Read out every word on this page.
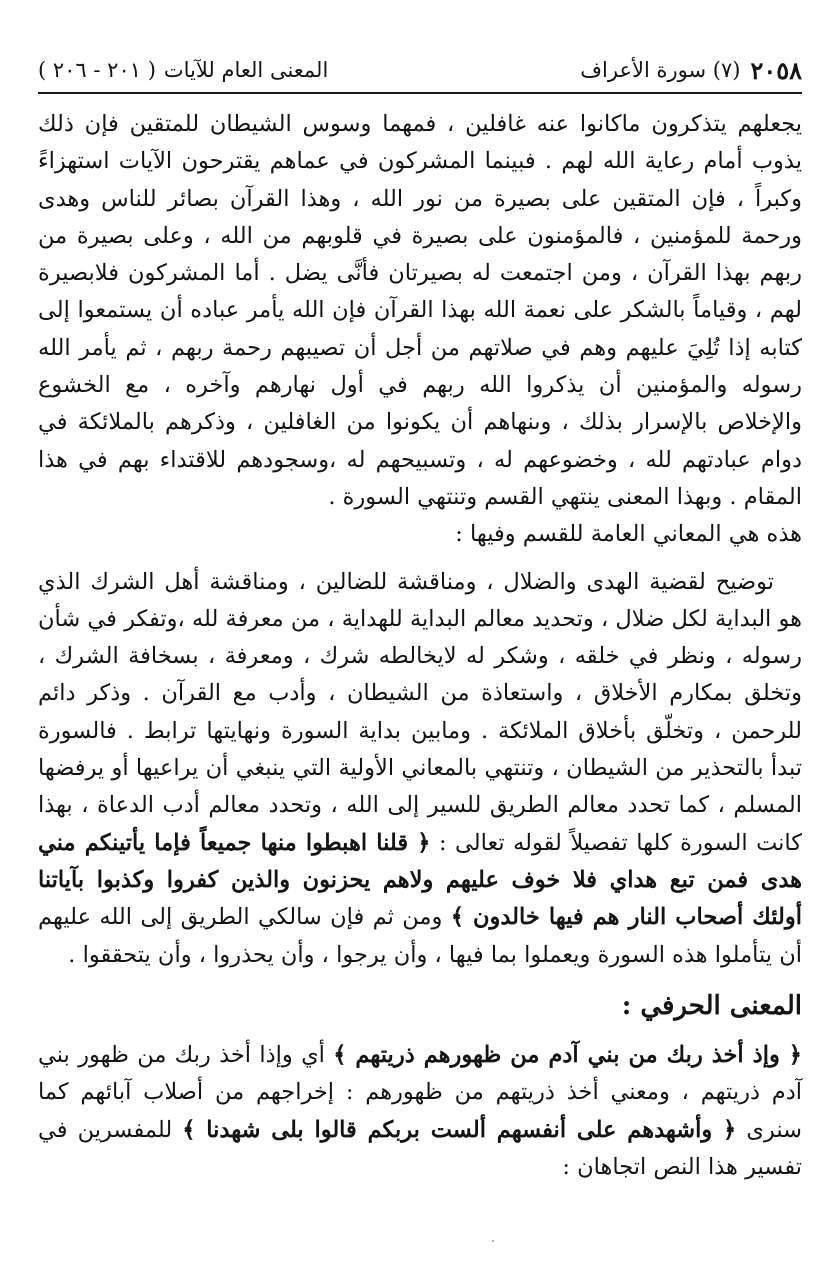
٢٠٥٨
(٧) سورة الأعراف
المعنى العام للآيات
( ٢٠١ - ٢٠٦ )

يجعلهم يتذكرون ماكانوا عنه غافلين ، فمهما وسوس الشيطان للمتقين فإن ذلك يذوب أمام رعاية الله لهم . فبينما المشركون في عماهم يقترحون الآيات استهزاءً وكبراً ، فإن المتقين على بصيرة من نور الله ، وهذا القرآن بصائر للناس وهدى ورحمة للمؤمنين ، فالمؤمنون على بصيرة في قلوبهم من الله ، وعلى بصيرة من ربهم بهذا القرآن ، ومن اجتمعت له بصيرتان فأنَّى يضل . أما المشركون فلابصيرة لهم ، وقياماً بالشكر على نعمة الله بهذا القرآن فإن الله يأمر عباده أن يستمعوا إلى كتابه إذا تُلِيَ عليهم وهم في صلاتهم من أجل أن تصيبهم رحمة ربهم ، ثم يأمر الله رسوله والمؤمنين أن يذكروا الله ربهم في أول نهارهم وآخره ، مع الخشوع والإخلاص بالإسرار بذلك ، وىنهاهم أن يكونوا من الغافلين ، وذكرهم بالملائكة في دوام عبادتهم لله ، وخضوعهم له ، وتسبيحهم له ،وسجودهم للاقتداء بهم في هذا المقام . وبهذا المعنى ينتهي القسم وتنتهي السورة .

هذه هي المعاني العامة للقسم وفيها :

توضيح لقضية الهدى والضلال ، ومناقشة للضالين ، ومناقشة أهل الشرك الذي هو البداية لكل ضلال ، وتحديد معالم البداية للهداية ، من معرفة لله ،وتفكر في شأن رسوله ، ونظر في خلقه ، وشكر له لايخالطه شرك ، ومعرفة ، بسخافة الشرك ، وتخلق بمكارم الأخلاق ، واستعاذة من الشيطان ، وأدب مع القرآن . وذكر دائم للرحمن ، وتخلّق بأخلاق الملائكة . ومابين بداية السورة ونهايتها ترابط . فالسورة تبدأ بالتحذير من الشيطان ، وتنتهي بالمعاني الأولية التي ينبغي أن يراعيها أو يرفضها المسلم ، كما تحدد معالم الطريق للسير إلى الله ، وتحدد معالم أدب الدعاة ، بهذا كانت السورة كلها تفصيلاً لقوله تعالى : ﴿ قلنا اهبطوا منها جميعاً فإما يأتينكم مني هدى فمن تبع هداي فلا خوف عليهم ولاهم يحزنون والذين كفروا وكذبوا بآياتنا أولئك أصحاب النار هم فيها خالدون ﴾ ومن ثم فإن سالكي الطريق إلى الله عليهم أن يتأملوا هذه السورة ويعملوا بما فيها ، وأن يرجوا ، وأن يحذروا ، وأن يتحققوا .

المعنى الحرفي :

﴿ وإذ أخذ ربك من بني آدم من ظهورهم ذريتهم ﴾ أي وإذا أخذ ربك من ظهور بني آدم ذريتهم ، ومعني أخذ ذريتهم من ظهورهم : إخراجهم من أصلاب آبائهم كما سنرى ﴿ وأشهدهم على أنفسهم ألست بربكم قالوا بلى شهدنا ﴾ للمفسرين في تفسير هذا النص اتجاهان :
